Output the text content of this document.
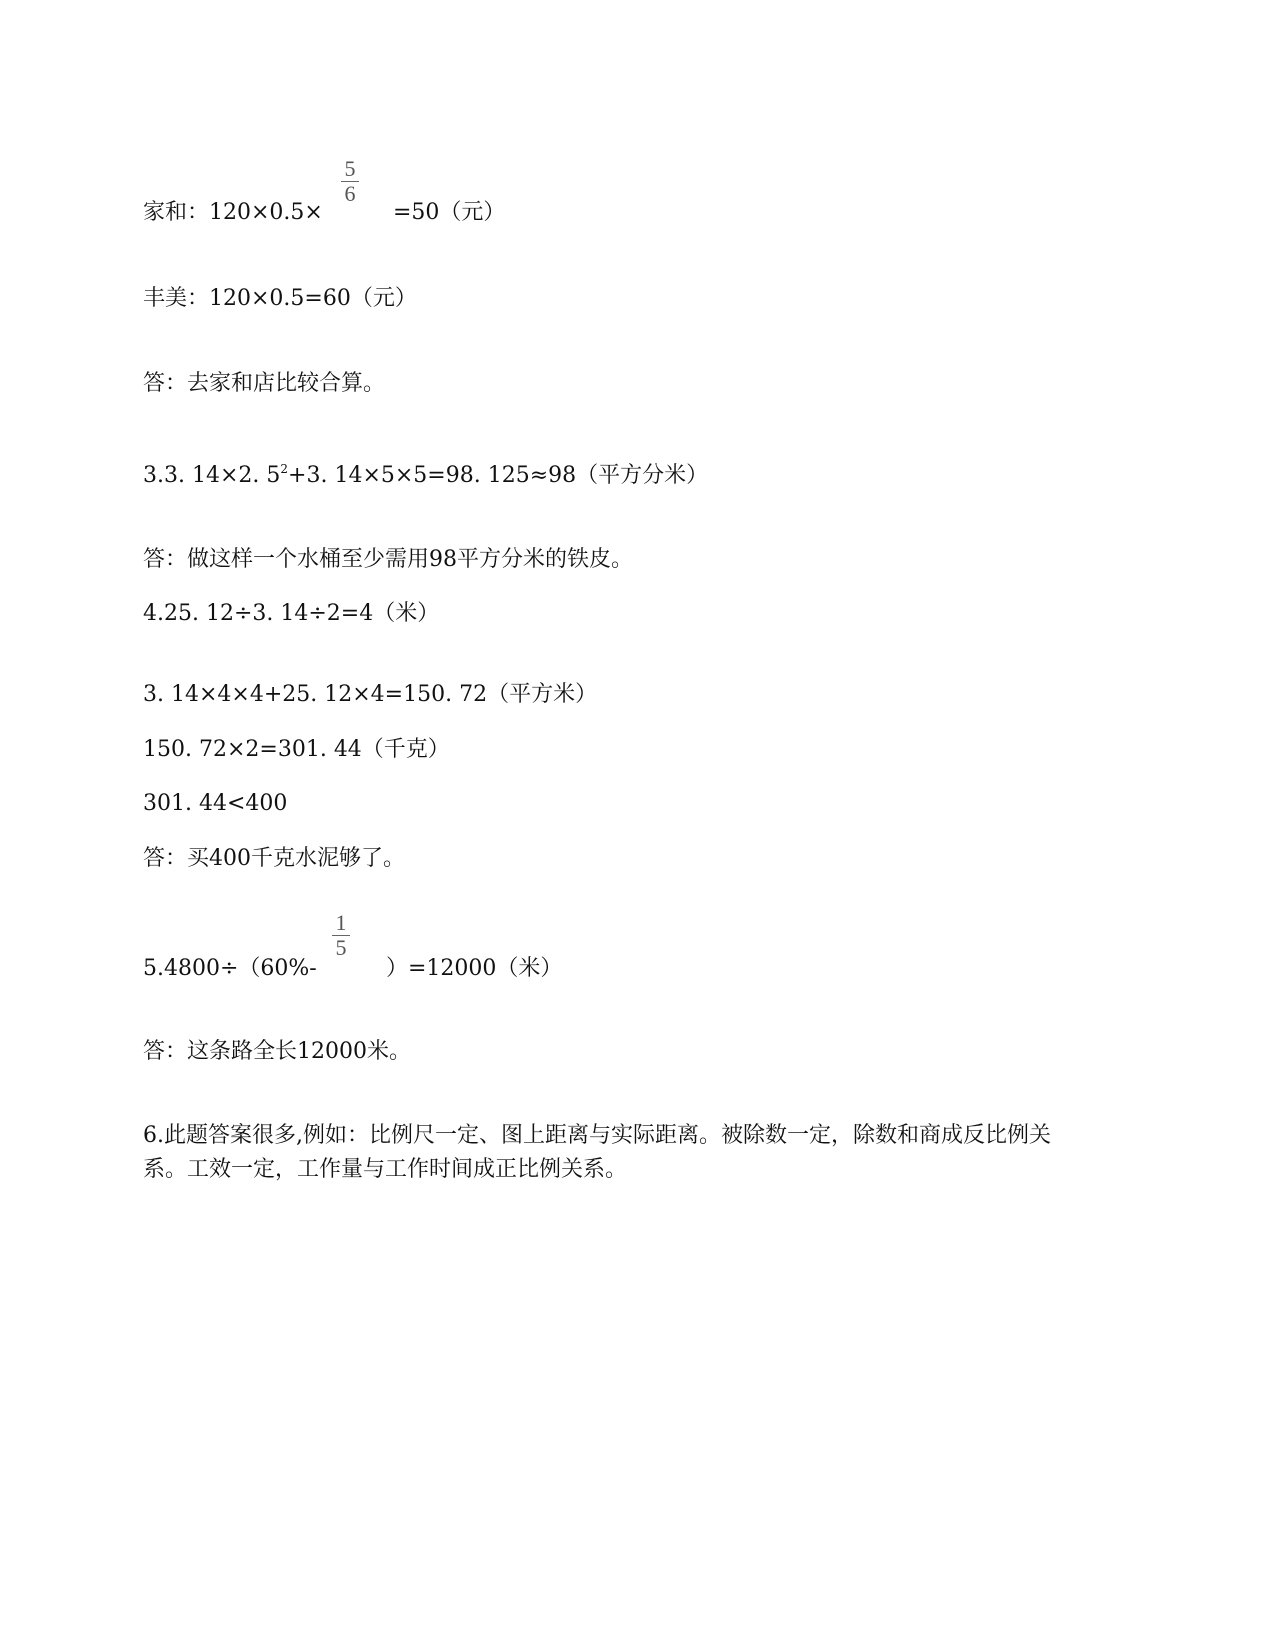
家和：120×0.5×
5
6
=50（元）
丰美：120×0.5=60（元）
答：去家和店比较合算。
3.3. 14×2. $5^2+3$. 14×5×5=98. 125≈98（平方分米）
答：做这样一个水桶至少需用98平方分米的铁皮。
4.25. 12÷3. 14÷2=4（米）
3. 14×4×4+25. 12×4=150. 72（平方米）
150. 72×2=301. 44（千克）
301. 44<400
答：买400千克水泥够了。
5.4800÷（60%-
1
5
）=12000（米）
答：这条路全长12000米。
6.此题答案很多,例如：比例尺一定、图上距离与实际距离。被除数一定，除数和商成反比例关系。工效一定，工作量与工作时间成正比例关系。
